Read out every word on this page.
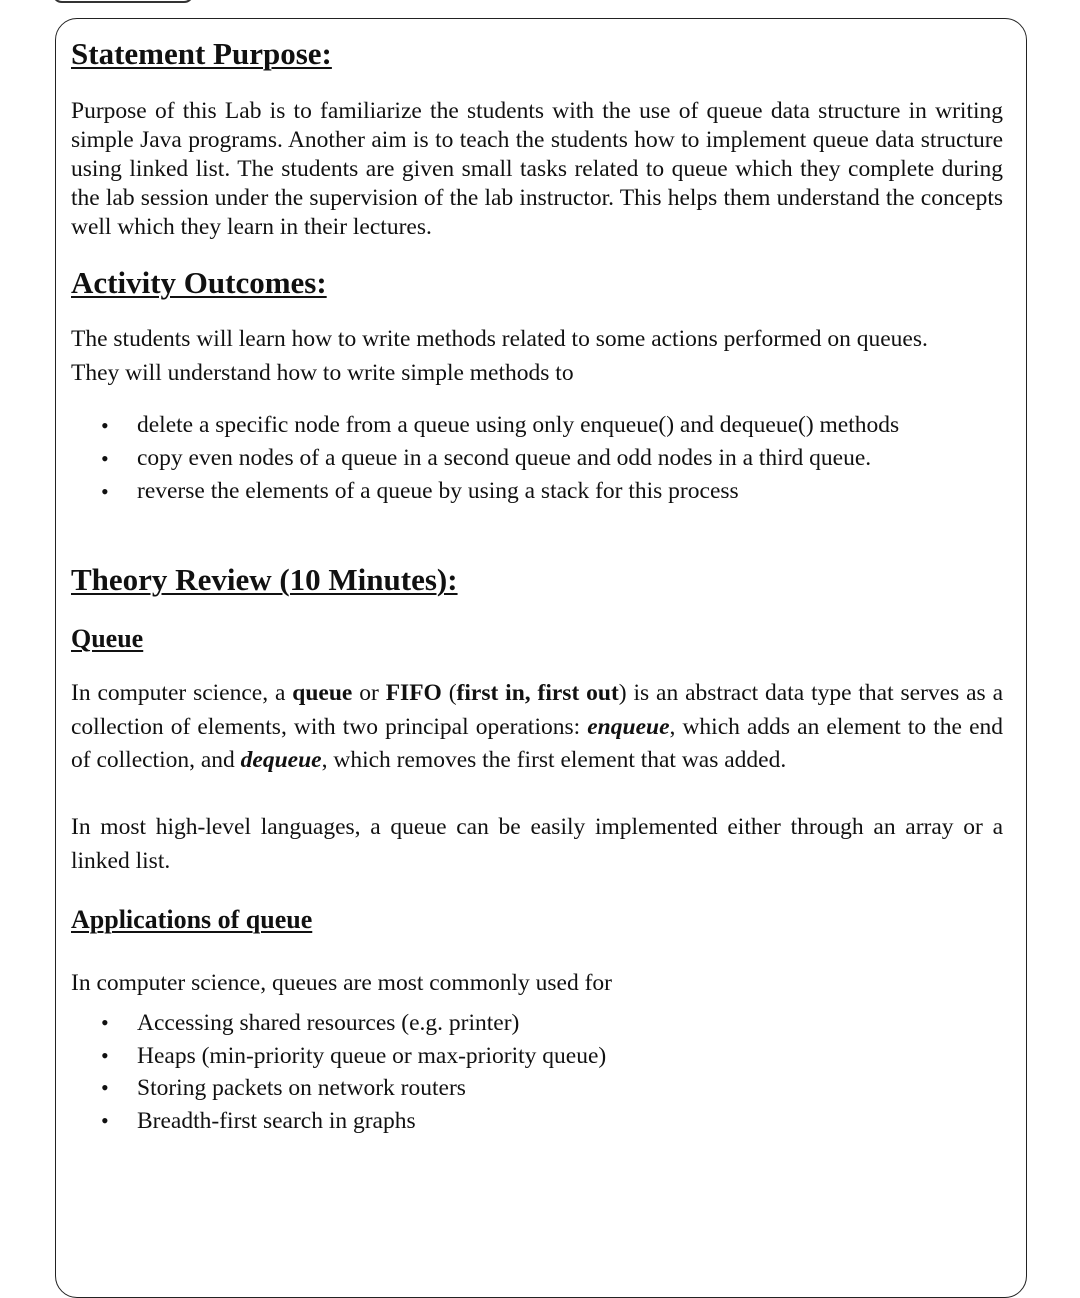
Statement Purpose:

Purpose of this Lab is to familiarize the students with the use of queue data structure in writing simple Java programs. Another aim is to teach the students how to implement queue data structure using linked list. The students are given small tasks related to queue which they complete during the lab session under the supervision of the lab instructor. This helps them understand the concepts well which they learn in their lectures.

Activity Outcomes:

The students will learn how to write methods related to some actions performed on queues. They will understand how to write simple methods to

• delete a specific node from a queue using only enqueue() and dequeue() methods
• copy even nodes of a queue in a second queue and odd nodes in a third queue.
• reverse the elements of a queue by using a stack for this process
Theory Review (10 Minutes):
Queue

In computer science, a queue or FIFO (first in, first out) is an abstract data type that serves as a collection of elements, with two principal operations: enqueue, which adds an element to the end of collection, and dequeue, which removes the first element that was added.

In most high-level languages, a queue can be easily implemented either through an array or a linked list.

Applications of queue

In computer science, queues are most commonly used for

• Accessing shared resources (e.g. printer)
• Heaps (min-priority queue or max-priority queue)
• Storing packets on network routers
• Breadth-first search in graphs
